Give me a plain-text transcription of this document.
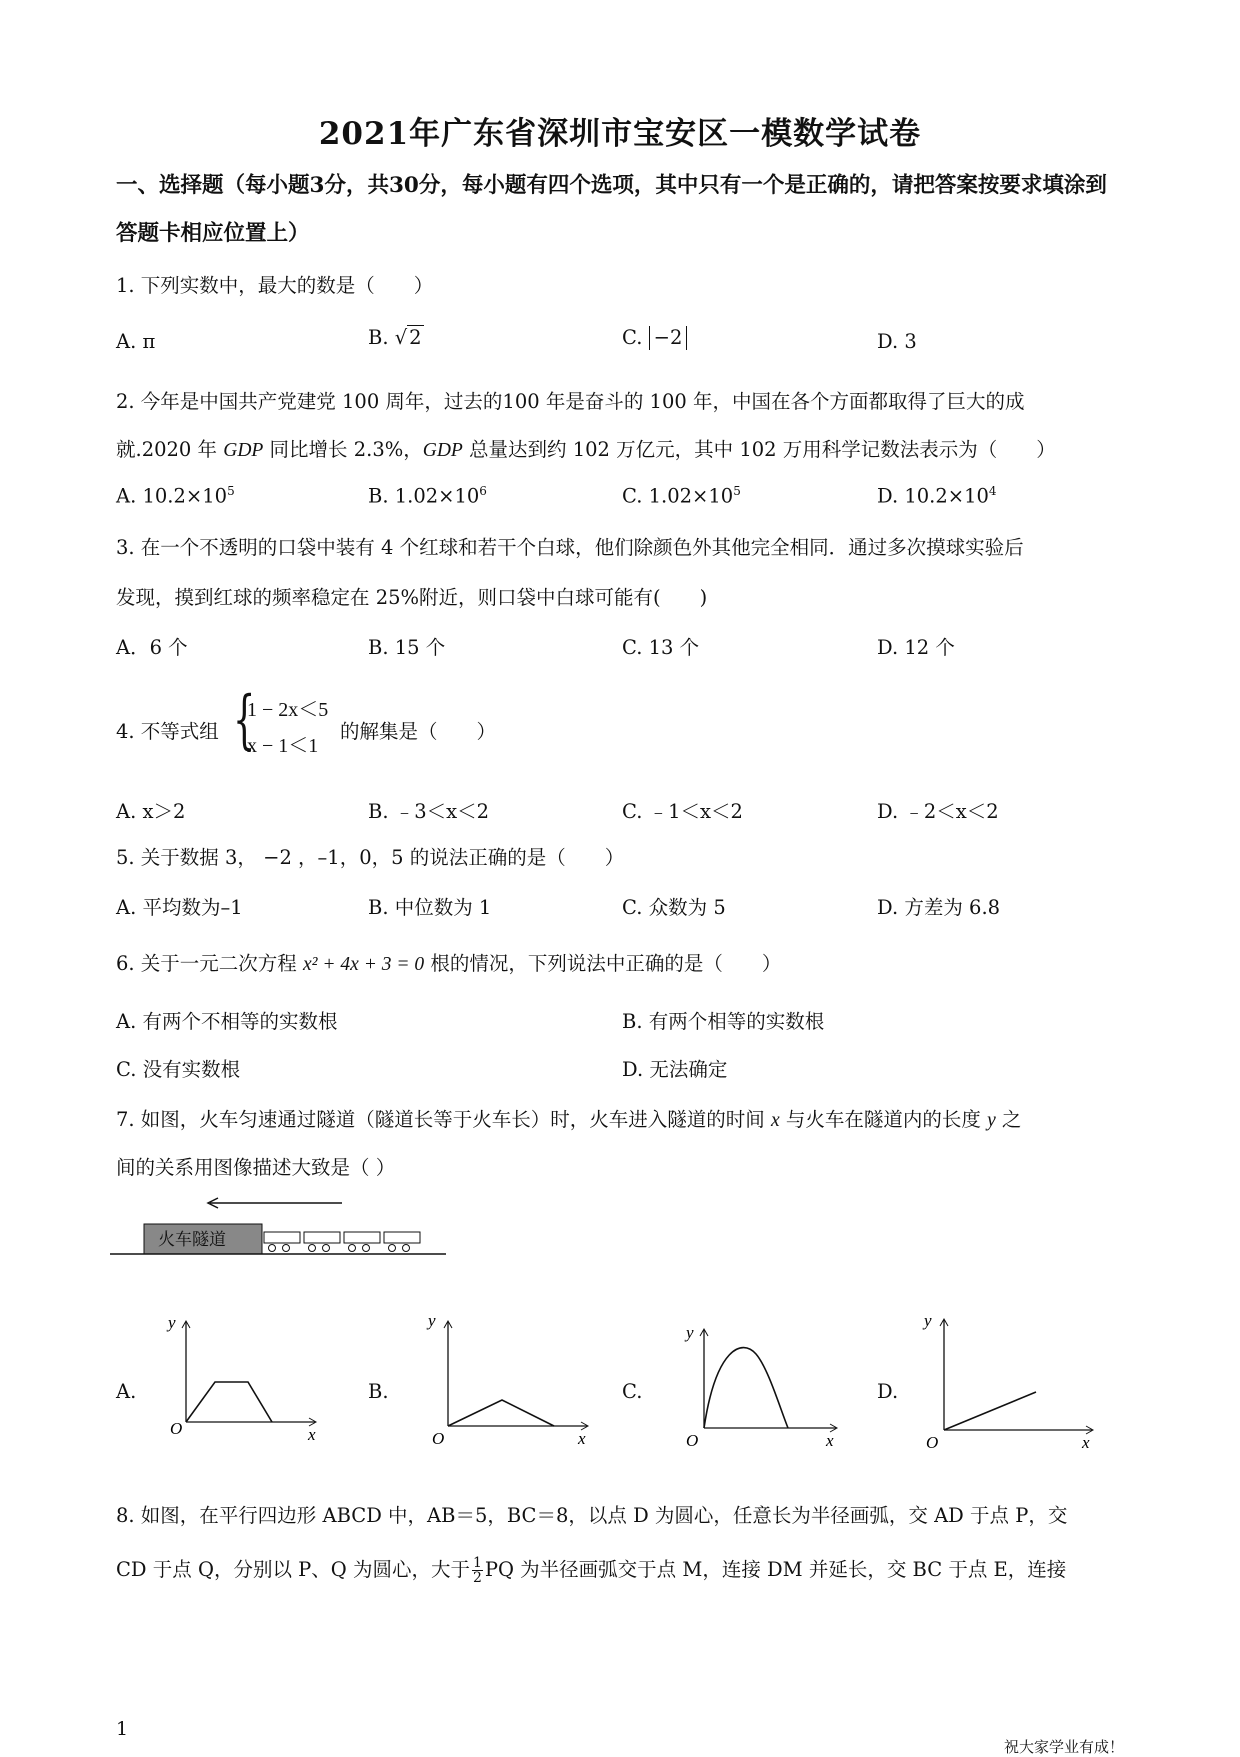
2021年广东省深圳市宝安区一模数学试卷
一、选择题（每小题3分，共30分，每小题有四个选项，其中只有一个是正确的，请把答案按要求填涂到答题卡相应位置上）
1. 下列实数中，最大的数是（　　）
A. π	B. √ 2	C. −2	D. 3
2. 今年是中国共产党建党 100 周年，过去的100 年是奋斗的 100 年，中国在各个方面都取得了巨大的成
就.2020 年 GDP 同比增长 2.3%，GDP 总量达到约 102 万亿元，其中 102 万用科学记数法表示为（　　）
A. $10.2\times 10^5$	B. $1.02\times 10^6$	C. $1.02\times 10^5$	D. $10.2\times 10^4$
3. 在一个不透明的口袋中装有 4 个红球和若干个白球，他们除颜色外其他完全相同．通过多次摸球实验后
发现，摸到红球的频率稳定在 25%附近，则口袋中白球可能有(　　)
A．6 个	B. 15 个	C. 13 个	D. 12 个
4. 不等式组 {
1 − 2x＜5
x − 1＜1
的解集是（　　）
A. x＞2	B. ﹣3＜x＜2	C. ﹣1＜x＜2	D. ﹣2＜x＜2
5. 关于数据 3， −2 ，–1，0，5 的说法正确的是（　　）
A. 平均数为–1	B. 中位数为 1	C. 众数为 5	D. 方差为 6.8
6. 关于一元二次方程 x² + 4x + 3 = 0 根的情况，下列说法中正确的是（　　）
A. 有两个不相等的实数根	B. 有两个相等的实数根
C. 没有实数根	D. 无法确定
7. 如图，火车匀速通过隧道（隧道长等于火车长）时，火车进入隧道的时间 x 与火车在隧道内的长度 y 之
间的关系用图像描述大致是（ ）
火车隧道
A.
y
x
O
B.
y
x
O
C.
y
x
O
D.
y
x
O
8. 如图，在平行四边形 ABCD 中，AB＝5，BC＝8，以点 D 为圆心，任意长为半径画弧，交 AD 于点 P，交
CD 于点 Q，分别以 P、Q 为圆心，大于 $\frac{1}{2}$ PQ 为半径画弧交于点 M，连接 DM 并延长，交 BC 于点 E，连接
1
祝大家学业有成！
